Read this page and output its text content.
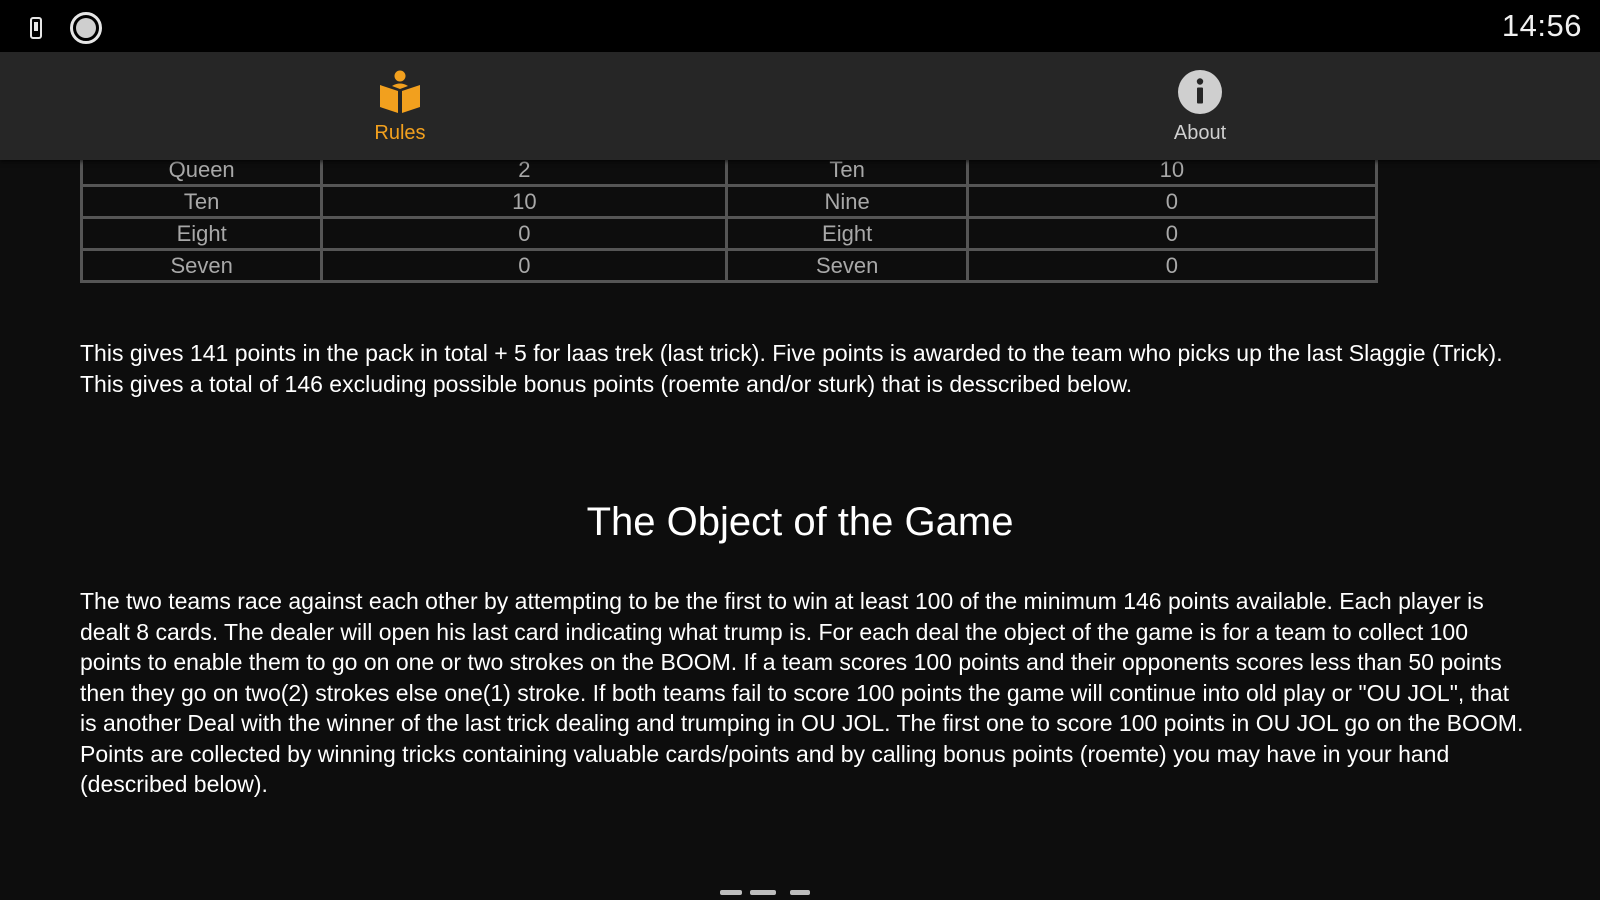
14:56
Rules	About
Queen	2	Ten	10
Ten	10	Nine	0
Eight	0	Eight	0
Seven	0	Seven	0

This gives 141 points in the pack in total + 5 for laas trek (last trick). Five points is awarded to the team who picks up the last Slaggie (Trick). This gives a total of 146 excluding possible bonus points (roemte and/or sturk) that is desscribed below.

The Object of the Game

The two teams race against each other by attempting to be the first to win at least 100 of the minimum 146 points available. Each player is dealt 8 cards. The dealer will open his last card indicating what trump is. For each deal the object of the game is for a team to collect 100 points to enable them to go on one or two strokes on the BOOM. If a team scores 100 points and their opponents scores less than 50 points then they go on two(2) strokes else one(1) stroke. If both teams fail to score 100 points the game will continue into old play or "OU JOL", that is another Deal with the winner of the last trick dealing and trumping in OU JOL. The first one to score 100 points in OU JOL go on the BOOM. Points are collected by winning tricks containing valuable cards/points and by calling bonus points (roemte) you may have in your hand (described below).
